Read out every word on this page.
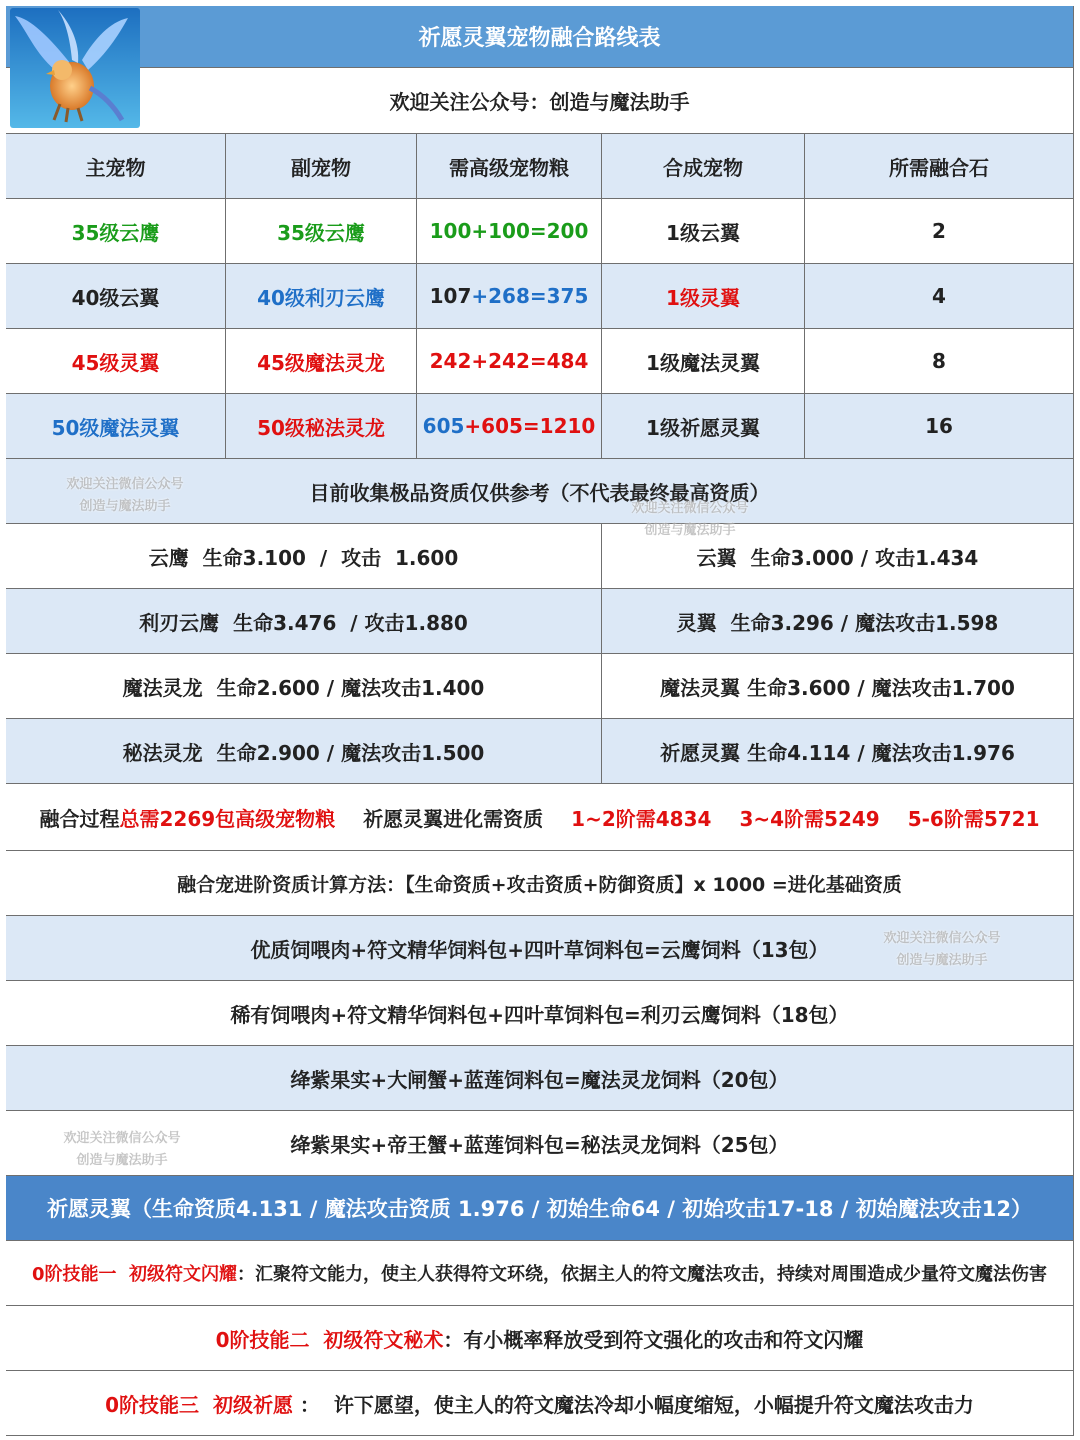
祈愿灵翼宠物融合路线表
欢迎关注公众号：创造与魔法助手
主宠物	副宠物	需高级宠物粮	合成宠物	所需融合石
35级云鹰	35级云鹰	100 +100 =200	1级云翼	2
40级云翼	40级利刃云鹰 107 +268 =375	1级灵翼	4
45级灵翼	45级魔法灵龙 242 +242 =484	1级魔法灵翼	8
50级魔法灵翼	50级秘法灵龙 605 +605 =1210	1级祈愿灵翼	16
目前收集极品资质仅供参考（不代表最终最高资质）
云鹰  生命3.100  /  攻击  1.600	云翼  生命3.000 / 攻击1.434
利刃云鹰  生命3.476  / 攻击1.880	灵翼  生命3.296 / 魔法攻击1.598
魔法灵龙  生命2.600 / 魔法攻击1.400	魔法灵翼 生命3.600 / 魔法攻击1.700
秘法灵龙  生命2.900 / 魔法攻击1.500	祈愿灵翼 生命4.114 / 魔法攻击1.976
融合过程 总需2269包高级宠物粮 祈愿灵翼进化需资质 1~2阶需4834 3~4阶需5249 5-6阶需5721
融合宠进阶资质计算方法：【生命资质+攻击资质+防御资质】x 1000 =进化基础资质
优质饲喂肉+符文精华饲料包+四叶草饲料包=云鹰饲料（13包）
稀有饲喂肉+符文精华饲料包+四叶草饲料包=利刃云鹰饲料（18包）
绛紫果实+大闸蟹+蓝莲饲料包=魔法灵龙饲料（20包）
绛紫果实+帝王蟹+蓝莲饲料包=秘法灵龙饲料（25包）
祈愿灵翼（生命资质4.131 / 魔法攻击资质 1.976 / 初始生命64 / 初始攻击17-18 / 初始魔法攻击12）
0阶技能一  初级符文闪耀 ：汇聚符文能力，使主人获得符文环绕，依据主人的符文魔法攻击，持续对周围造成少量符文魔法伤害
0阶技能二  初级符文秘术 ：有小概率释放受到符文强化的攻击和符文闪耀
0阶技能三  初级祈愿 ：  许下愿望，使主人的符文魔法冷却小幅度缩短，小幅提升符文魔法攻击力
欢迎关注微信公众号
创造与魔法助手	欢迎关注微信公众号
创造与魔法助手
欢迎关注微信公众号
创造与魔法助手
欢迎关注微信公众号
创造与魔法助手
